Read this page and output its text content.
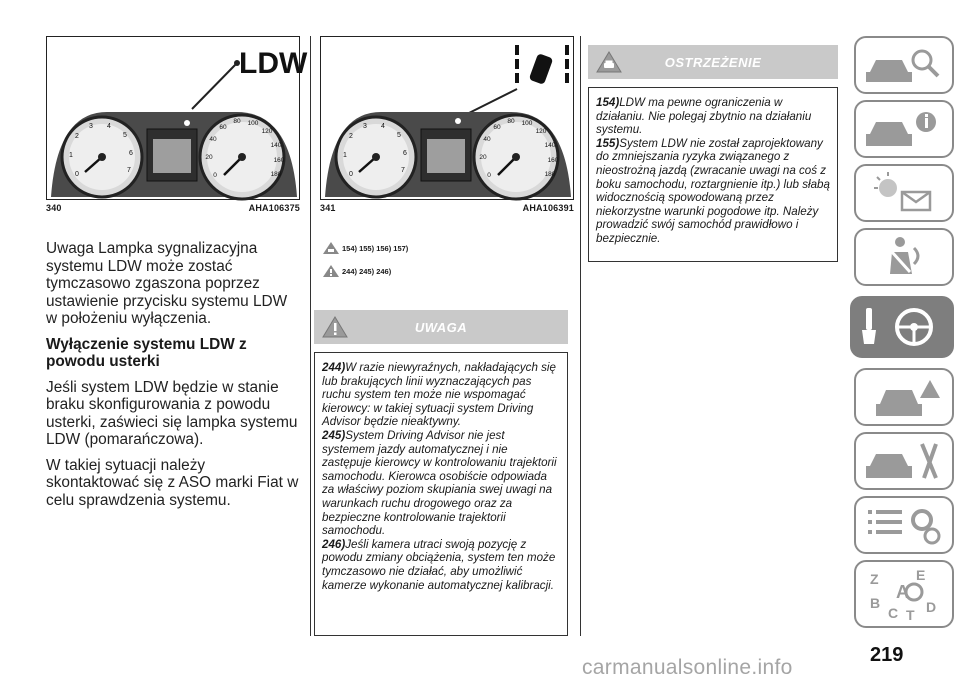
LDW
0
1
2
3 4
5
6
7
0
20
40
60
80 100
120
140
160
180
340	AHA106375
0
1
2
3 4
5
6
7
0
20
40
60
80 100
120
140
160
180
341	AHA106391

Uwaga Lampka sygnalizacyjna systemu LDW może zostać tymczasowo zgaszona poprzez ustawienie przycisku systemu LDW w położeniu wyłączenia.

Wyłączenie systemu LDW z powodu usterki

Jeśli system LDW będzie w stanie braku skonfigurowania z powodu usterki, zaświeci się lampka systemu LDW (pomarańczowa).

W takiej sytuacji należy skontaktować się z ASO marki Fiat w celu sprawdzenia systemu.

154) 155) 156) 157)
244) 245) 246)
UWAGA

244)W razie niewyraźnych, nakładających się lub brakujących linii wyznaczających pas ruchu system ten może nie wspomagać kierowcy: w takiej sytuacji system Driving Advisor będzie nieaktywny.

245)System Driving Advisor nie jest systemem jazdy automatycznej i nie zastępuje kierowcy w kontrolowaniu trajektorii samochodu. Kierowca osobiście odpowiada za właściwy poziom skupiania swej uwagi na warunkach ruchu drogowego oraz za bezpieczne kontrolowanie trajektorii samochodu.

246)Jeśli kamera utraci swoją pozycję z powodu zmiany obciążenia, system ten może tymczasowo nie działać, aby umożliwić kamerze wykonanie automatycznej kalibracji.

OSTRZEŻENIE

154)LDW ma pewne ograniczenia w działaniu. Nie polegaj zbytnio na działaniu systemu.

155)System LDW nie został zaprojektowany do zmniejszania ryzyka związanego z nieostrożną jazdą (zwracanie uwagi na coś z boku samochodu, roztargnienie itp.) lub słabą widocznością spowodowaną przez niekorzystne warunki pogodowe itp. Należy prowadzić swój samochód prawidłowo i bezpiecznie.

Z	E
B
C T D
A
219
carmanualsonline.info
